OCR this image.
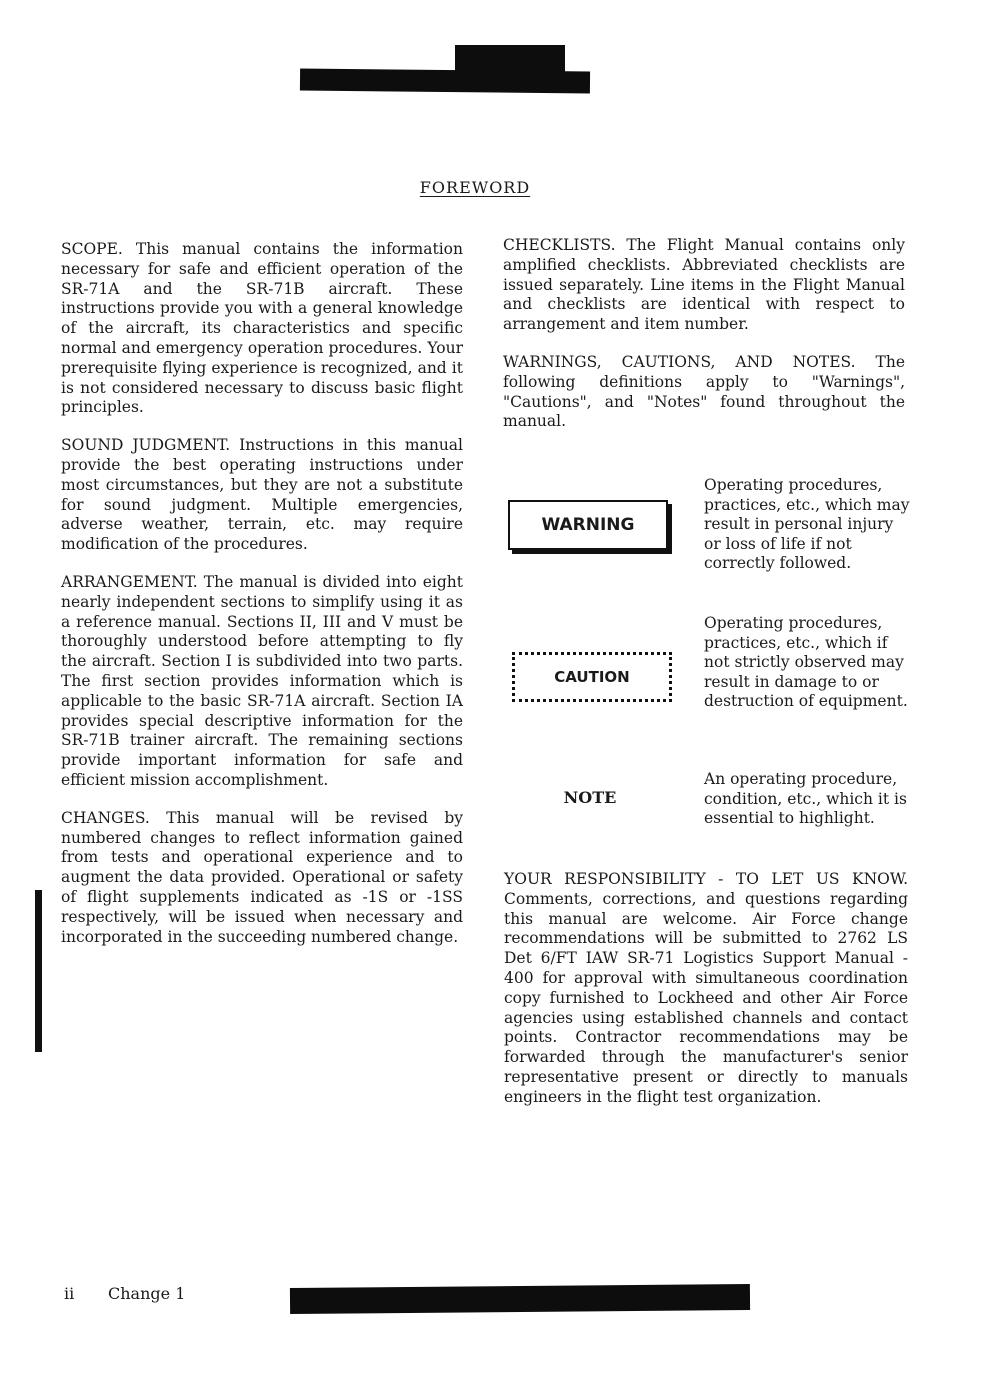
FOREWORD

SCOPE. This manual contains the information necessary for safe and efficient operation of the SR-71A and the SR-71B aircraft. These instructions provide you with a general knowledge of the aircraft, its characteristics and specific normal and emergency operation procedures. Your prerequisite flying experience is recognized, and it is not considered necessary to discuss basic flight principles.

SOUND JUDGMENT. Instructions in this manual provide the best operating instructions under most circumstances, but they are not a substitute for sound judgment. Multiple emergencies, adverse weather, terrain, etc. may require modification of the procedures.

ARRANGEMENT. The manual is divided into eight nearly independent sections to simplify using it as a reference manual. Sections II, III and V must be thoroughly understood before attempting to fly the aircraft. Section I is subdivided into two parts. The first section provides information which is applicable to the basic SR-71A aircraft. Section IA provides special descriptive information for the SR-71B trainer aircraft. The remaining sections provide important information for safe and efficient mission accomplishment.

CHANGES. This manual will be revised by numbered changes to reflect information gained from tests and operational experience and to augment the data provided. Operational or safety of flight supplements indicated as -1S or -1SS respectively, will be issued when necessary and incorporated in the succeeding numbered change.

CHECKLISTS. The Flight Manual contains only amplified checklists. Abbreviated checklists are issued separately. Line items in the Flight Manual and checklists are identical with respect to arrangement and item number.

WARNINGS, CAUTIONS, AND NOTES. The following definitions apply to "Warnings", "Cautions", and "Notes" found throughout the manual.

WARNING
Operating procedures, practices, etc., which may result in personal injury or loss of life if not correctly followed.
CAUTION
Operating procedures, practices, etc., which if not strictly observed may result in damage to or destruction of equipment.
NOTE
An operating procedure, condition, etc., which it is essential to highlight.

YOUR RESPONSIBILITY - TO LET US KNOW. Comments, corrections, and questions regarding this manual are welcome. Air Force change recommendations will be submitted to 2762 LS Det 6/FT IAW SR-71 Logistics Support Manual - 400 for approval with simultaneous coordination copy furnished to Lockheed and other Air Force agencies using established channels and contact points. Contractor recommendations may be forwarded through the manufacturer's senior representative present or directly to manuals engineers in the flight test organization.

ii Change 1
